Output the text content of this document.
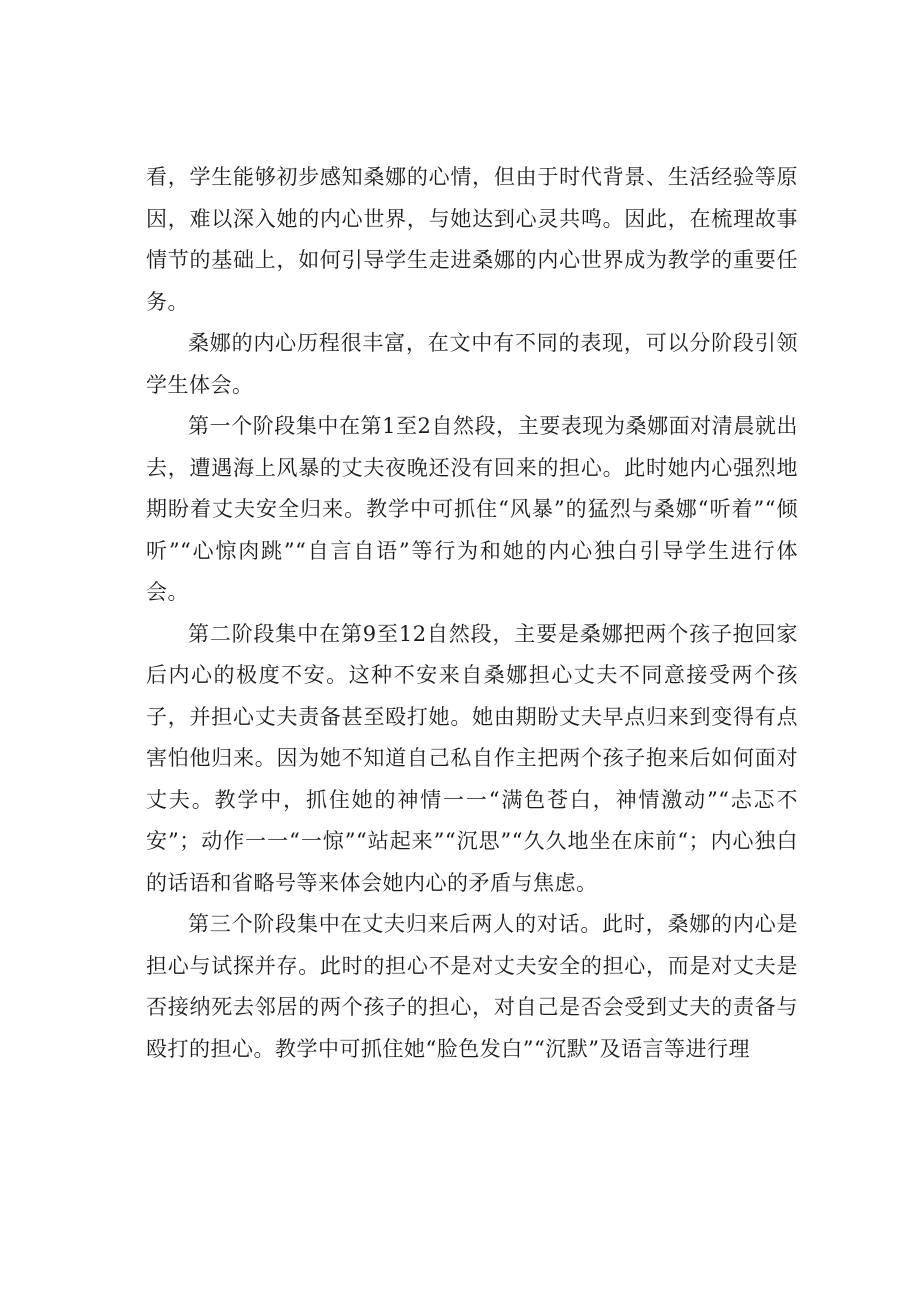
看，学生能够初步感知桑娜的心情，但由于时代背景、生活经验等原因，难以深入她的内心世界，与她达到心灵共鸣。因此，在梳理故事情节的基础上，如何引导学生走进桑娜的内心世界成为教学的重要任务。

桑娜的内心历程很丰富，在文中有不同的表现，可以分阶段引领学生体会。

第一个阶段集中在第1至2自然段，主要表现为桑娜面对清晨就出去，遭遇海上风暴的丈夫夜晚还没有回来的担心。此时她内心强烈地期盼着丈夫安全归来。教学中可抓住“风暴”的猛烈与桑娜“听着”“倾听”“心惊肉跳”“自言自语”等行为和她的内心独白引导学生进行体会。

第二阶段集中在第9至12自然段，主要是桑娜把两个孩子抱回家后内心的极度不安。这种不安来自桑娜担心丈夫不同意接受两个孩子，并担心丈夫责备甚至殴打她。她由期盼丈夫早点归来到变得有点害怕他归来。因为她不知道自己私自作主把两个孩子抱来后如何面对丈夫。教学中，抓住她的神情一一“满色苍白，神情激动”“忐忑不安”；动作一一“一惊”“站起来”“沉思”“久久地坐在床前“；内心独白的话语和省略号等来体会她内心的矛盾与焦虑。

第三个阶段集中在丈夫归来后两人的对话。此时，桑娜的内心是担心与试探并存。此时的担心不是对丈夫安全的担心，而是对丈夫是否接纳死去邻居的两个孩子的担心，对自己是否会受到丈夫的责备与殴打的担心。教学中可抓住她“脸色发白”“沉默”及语言等进行理
